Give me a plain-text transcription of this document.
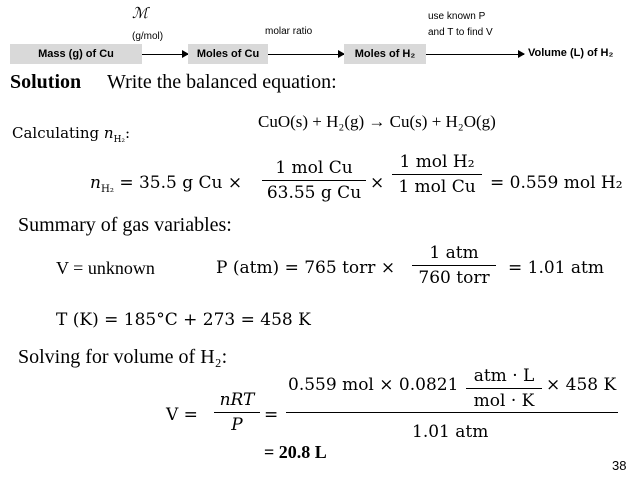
ℳ
(g/mol)	molar ratio
use known P
and T to find V
Mass (g) of Cu	Moles of Cu	Moles of H₂	Volume (L) of H₂
Solution Write the balanced equation:
CuO(s) + H₂(g) → Cu(s) + H₂O(g)
Calculating $n_{H_2}$:
$n_{H_2} = 35.5$ g Cu ×
1 mol Cu
63.55 g Cu ×
1 mol H₂
1 mol Cu = 0.559 mol H₂
Summary of gas variables:
V = unknown	P (atm) = 765 torr ×
1 atm
760 torr	= 1.01 atm
T (K) = 185°C + 273 = 458 K
Solving for volume of H₂:
V =
nRT
P	=
0.559 mol × 0.0821 atm · L
mol · K
× 458 K
1.01 atm
= 20.8 L
38
